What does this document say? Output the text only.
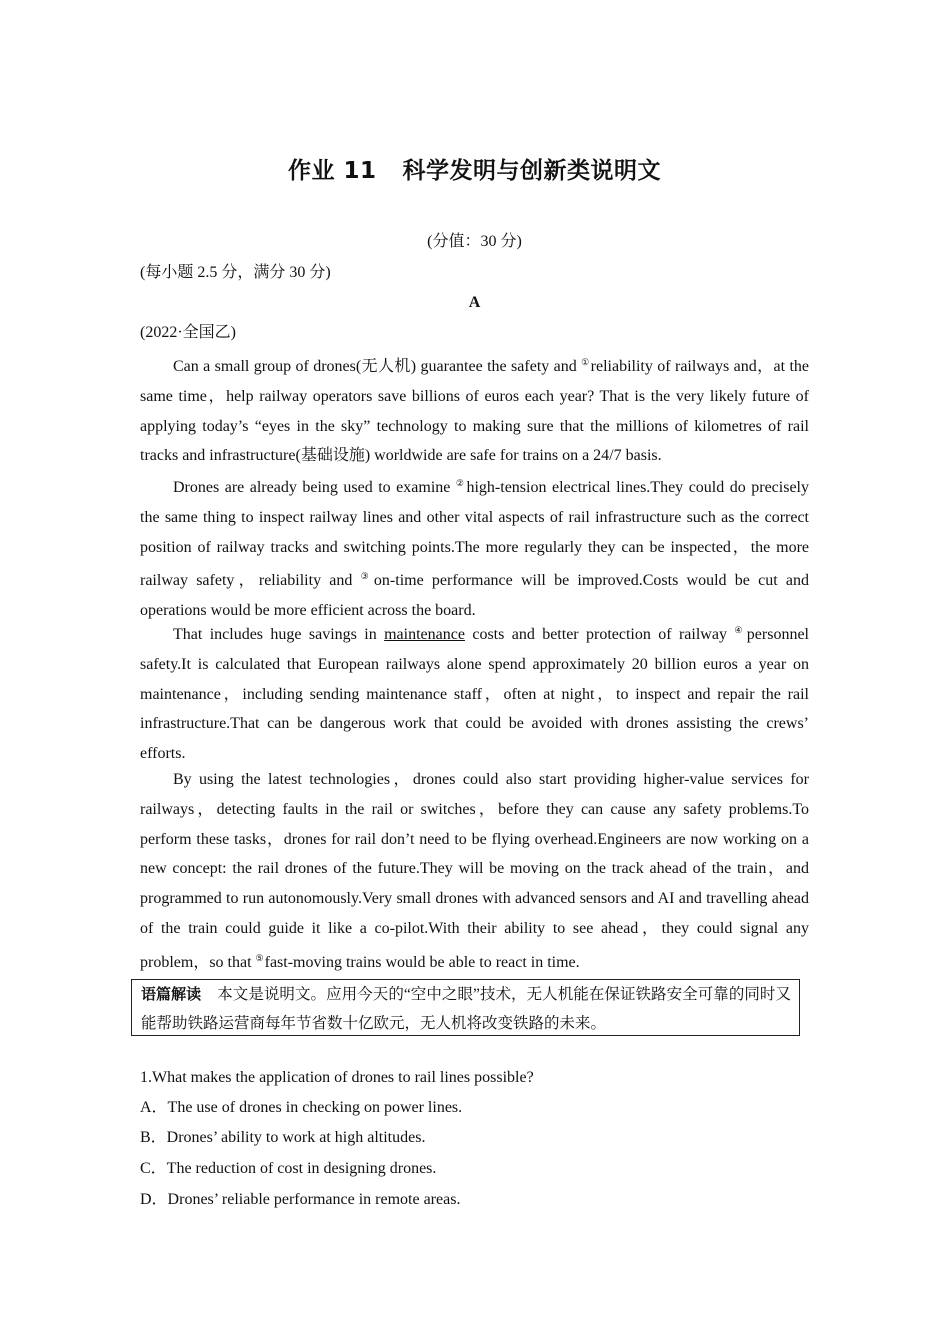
作业 11 科学发明与创新类说明文
(分值：30 分)
(每小题 2.5 分，满分 30 分)
A
(2022·全国乙)

Can a small group of drones(无人机) guarantee the safety and ①reliability of railways and，at the same time，help railway operators save billions of euros each year? That is the very likely future of applying today’s “eyes in the sky” technology to making sure that the millions of kilometres of rail tracks and infrastructure(基础设施) worldwide are safe for trains on a 24/7 basis.

Drones are already being used to examine ②high-tension electrical lines.They could do precisely the same thing to inspect railway lines and other vital aspects of rail infrastructure such as the correct position of railway tracks and switching points.The more regularly they can be inspected，the more railway safety，reliability and ③on-time performance will be improved.Costs would be cut and operations would be more efficient across the board.

That includes huge savings in maintenance costs and better protection of railway ④personnel safety.It is calculated that European railways alone spend approximately 20 billion euros a year on maintenance，including sending maintenance staff，often at night，to inspect and repair the rail infrastructure.That can be dangerous work that could be avoided with drones assisting the crews’ efforts.

By using the latest technologies，drones could also start providing higher-value services for railways，detecting faults in the rail or switches，before they can cause any safety problems.To perform these tasks，drones for rail don’t need to be flying overhead.Engineers are now working on a new concept: the rail drones of the future.They will be moving on the track ahead of the train，and programmed to run autonomously.Very small drones with advanced sensors and AI and travelling ahead of the train could guide it like a co-pilot.With their ability to see ahead，they could signal any problem，so that ⑤fast-moving trains would be able to react in time.

语篇解读 本文是说明文。应用今天的“空中之眼”技术，无人机能在保证铁路安全可靠的同时又能帮助铁路运营商每年节省数十亿欧元，无人机将改变铁路的未来。
1.What makes the application of drones to rail lines possible?
A．The use of drones in checking on power lines.
B．Drones’ ability to work at high altitudes.
C．The reduction of cost in designing drones.
D．Drones’ reliable performance in remote areas.
